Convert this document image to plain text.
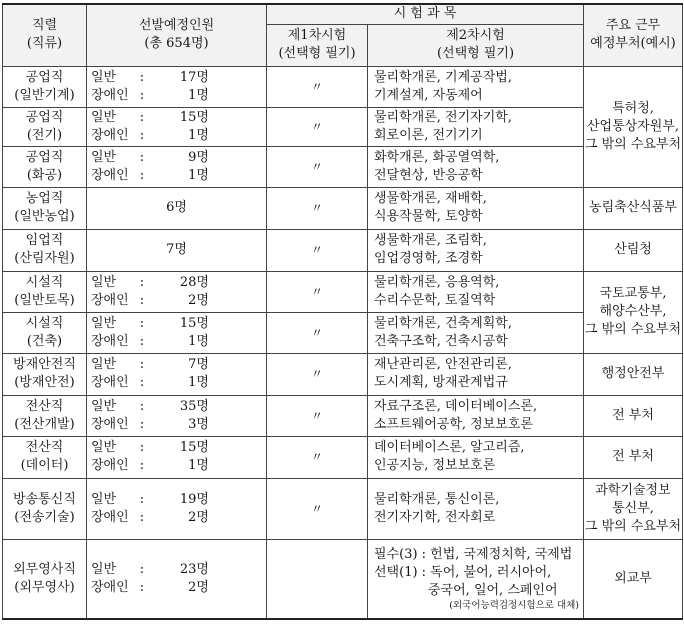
직렬
(직류)	선발예정인원
(총 654명)	시 험 과 목		주요 근무
예정부처(예시)

		제1차시험
(선택형 필기)	제2차시험
(선택형 필기)	

공업직
(일반기계)	일반 : 17명
장애인 : 1명	〃	물리학개론, 기계공작법,
기계설계, 자동제어	특허청,
산업통상자원부,
그 밖의 수요부처

공업직
(전기)	일반 : 15명
장애인 : 1명	〃	물리학개론, 전기자기학,
회로이론, 전기기기	

공업직
(화공)	일반 : 9명
장애인 : 1명	〃	화학개론, 화공열역학,
전달현상, 반응공학	

농업직
(일반농업)	6명	〃	생물학개론, 재배학,
식용작물학, 토양학	농림축산식품부

임업직
(산림자원)	7명	〃	생물학개론, 조림학,
임업경영학, 조경학	산림청

시설직
(일반토목)	일반 : 28명
장애인 : 2명	〃	물리학개론, 응용역학,
수리수문학, 토질역학	국토교통부,
해양수산부,
그 밖의 수요부처

시설직
(건축)	일반 : 15명
장애인 : 1명	〃	물리학개론, 건축계획학,
건축구조학, 건축시공학	

방재안전직
(방재안전)	일반 : 7명
장애인 : 1명	〃	재난관리론, 안전관리론,
도시계획, 방재관계법규	행정안전부

전산직
(전산개발)	일반 : 35명
장애인 : 3명	〃	자료구조론, 데이터베이스론,
소프트웨어공학, 정보보호론	전 부처

전산직
(데이터)	일반 : 15명
장애인 : 1명	〃	데이터베이스론, 알고리즘,
인공지능, 정보보호론	전 부처

방송통신직
(전송기술)	일반 : 19명
장애인 : 2명	〃	물리학개론, 통신이론,
전기자기학, 전자회로	과학기술정보
통신부,
그 밖의 수요부처

외무영사직
(외무영사)	일반 : 23명
장애인 : 2명		필수(3) : 헌법, 국제정치학, 국제법
선택(1) : 독어, 불어, 러시아어,
중국어, 일어, 스페인어
(외국어능력검정시험으로 대체)	외교부
